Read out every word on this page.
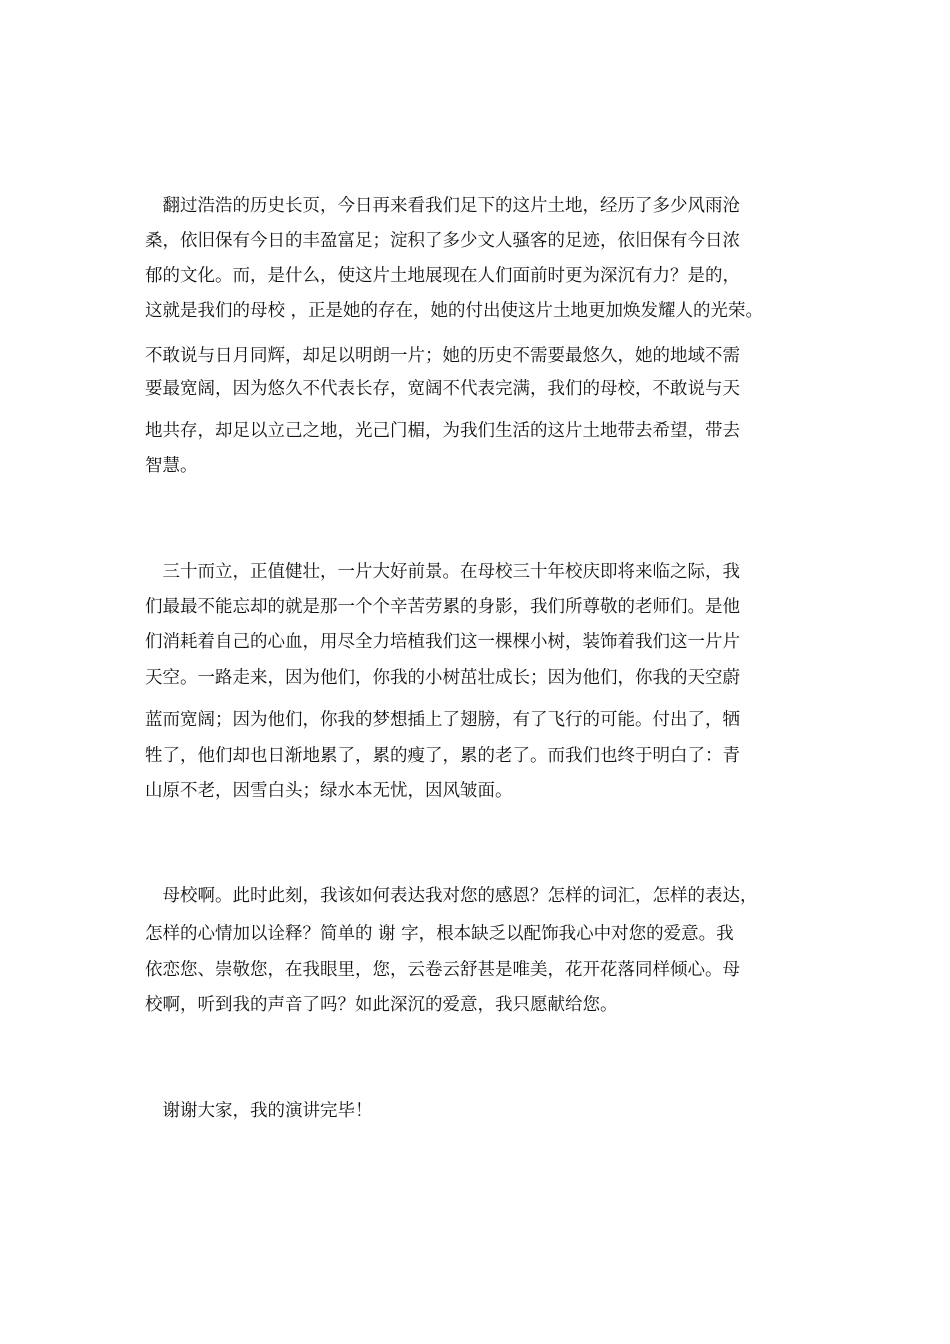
　翻过浩浩的历史长页，今日再来看我们足下的这片土地，经历了多少风雨沧

桑，依旧保有今日的丰盈富足；淀积了多少文人骚客的足迹，依旧保有今日浓

郁的文化。而，是什么，使这片土地展现在人们面前时更为深沉有力？是的，

这就是我们的母校 ，正是她的存在，她的付出使这片土地更加焕发耀人的光荣。

不敢说与日月同辉，却足以明朗一片；她的历史不需要最悠久，她的地域不需

要最宽阔，因为悠久不代表长存，宽阔不代表完满，我们的母校，不敢说与天

地共存，却足以立己之地，光己门楣，为我们生活的这片土地带去希望，带去

智慧。

　三十而立，正值健壮，一片大好前景。在母校三十年校庆即将来临之际，我

们最最不能忘却的就是那一个个辛苦劳累的身影，我们所尊敬的老师们。是他

们消耗着自己的心血，用尽全力培植我们这一棵棵小树，装饰着我们这一片片

天空。一路走来，因为他们，你我的小树茁壮成长；因为他们，你我的天空蔚

蓝而宽阔；因为他们，你我的梦想插上了翅膀，有了飞行的可能。付出了，牺

牲了，他们却也日渐地累了，累的瘦了，累的老了。而我们也终于明白了：青

山原不老，因雪白头；绿水本无忧，因风皱面。

　母校啊。此时此刻，我该如何表达我对您的感恩？怎样的词汇，怎样的表达，

怎样的心情加以诠释？简单的 谢 字，根本缺乏以配饰我心中对您的爱意。我

依恋您、崇敬您，在我眼里，您，云卷云舒甚是唯美，花开花落同样倾心。母

校啊，听到我的声音了吗？如此深沉的爱意，我只愿献给您。

　谢谢大家，我的演讲完毕！
